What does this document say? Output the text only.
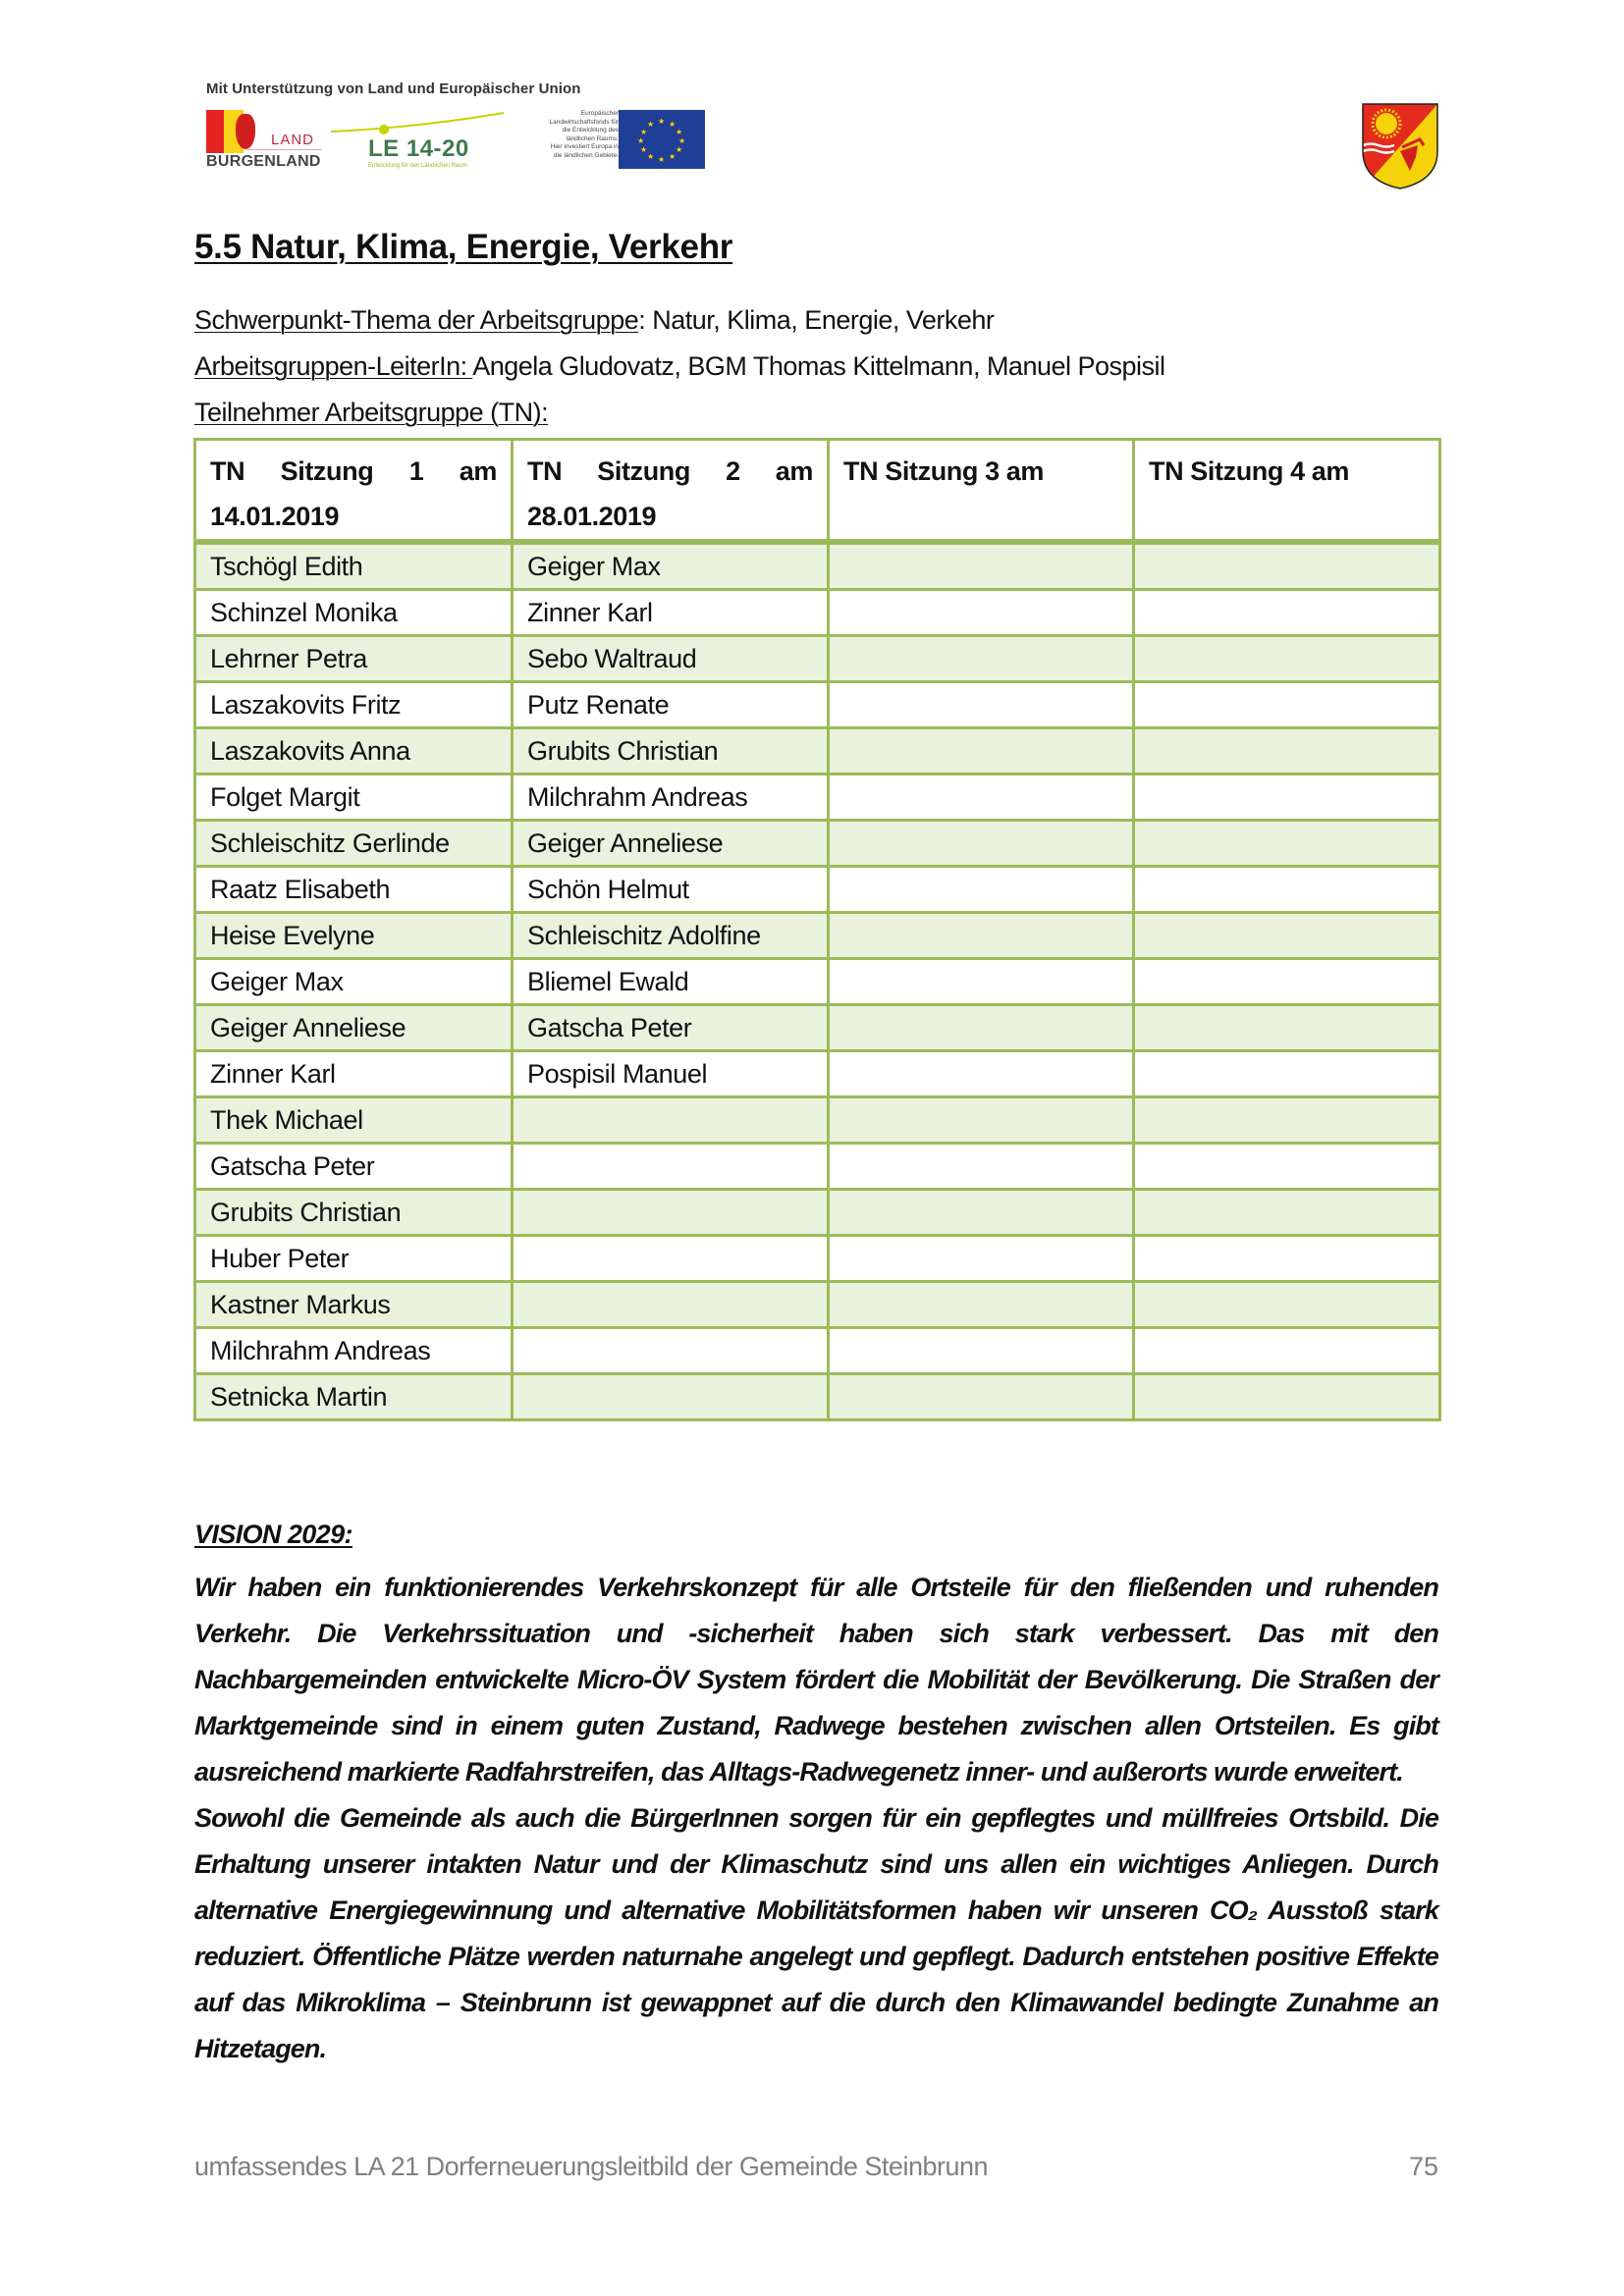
Mit Unterstützung von Land und Europäischer Union
LAND
BURGENLAND LE 14-20
Entwicklung für den Ländlichen Raum
Europäischer
Landwirtschaftsfonds für
die Entwicklung des
ländlichen Raums:
Hier investiert Europa in
die ländlichen Gebiete.
★ ★
★
★
★
★
★
★
★
★
★
★
5.5 Natur, Klima, Energie, Verkehr
Schwerpunkt-Thema der Arbeitsgruppe: Natur, Klima, Energie, Verkehr
Arbeitsgruppen-LeiterIn: Angela Gludovatz, BGM Thomas Kittelmann, Manuel Pospisil
Teilnehmer Arbeitsgruppe (TN):
TN Sitzung 1 am 14.01.2019	TN Sitzung 2 am 28.01.2019	TN Sitzung 3 am	TN Sitzung 4 am
Tschögl Edith	Geiger Max		
Schinzel Monika	Zinner Karl		
Lehrner Petra	Sebo Waltraud		
Laszakovits Fritz	Putz Renate		
Laszakovits Anna	Grubits Christian		
Folget Margit	Milchrahm Andreas		
Schleischitz Gerlinde	Geiger Anneliese		
Raatz Elisabeth	Schön Helmut		
Heise Evelyne	Schleischitz Adolfine		
Geiger Max	Bliemel Ewald		
Geiger Anneliese	Gatscha Peter		
Zinner Karl	Pospisil Manuel		
Thek Michael			
Gatscha Peter			
Grubits Christian			
Huber Peter			
Kastner Markus			
Milchrahm Andreas			
Setnicka Martin			
VISION 2029:

Wir haben ein funktionierendes Verkehrskonzept für alle Ortsteile für den fließenden und ruhenden Verkehr. Die Verkehrssituation und -sicherheit haben sich stark verbessert. Das mit den Nachbargemeinden entwickelte Micro-ÖV System fördert die Mobilität der Bevölkerung. Die Straßen der Marktgemeinde sind in einem guten Zustand, Radwege bestehen zwischen allen Ortsteilen. Es gibt ausreichend markierte Radfahrstreifen, das Alltags-Radwegenetz inner- und außerorts wurde erweitert.

Sowohl die Gemeinde als auch die BürgerInnen sorgen für ein gepflegtes und müllfreies Ortsbild. Die Erhaltung unserer intakten Natur und der Klimaschutz sind uns allen ein wichtiges Anliegen. Durch alternative Energiegewinnung und alternative Mobilitätsformen haben wir unseren CO₂ Ausstoß stark reduziert. Öffentliche Plätze werden naturnahe angelegt und gepflegt. Dadurch entstehen positive Effekte auf das Mikroklima – Steinbrunn ist gewappnet auf die durch den Klimawandel bedingte Zunahme an Hitzetagen.

umfassendes LA 21 Dorferneuerungsleitbild der Gemeinde Steinbrunn	75
